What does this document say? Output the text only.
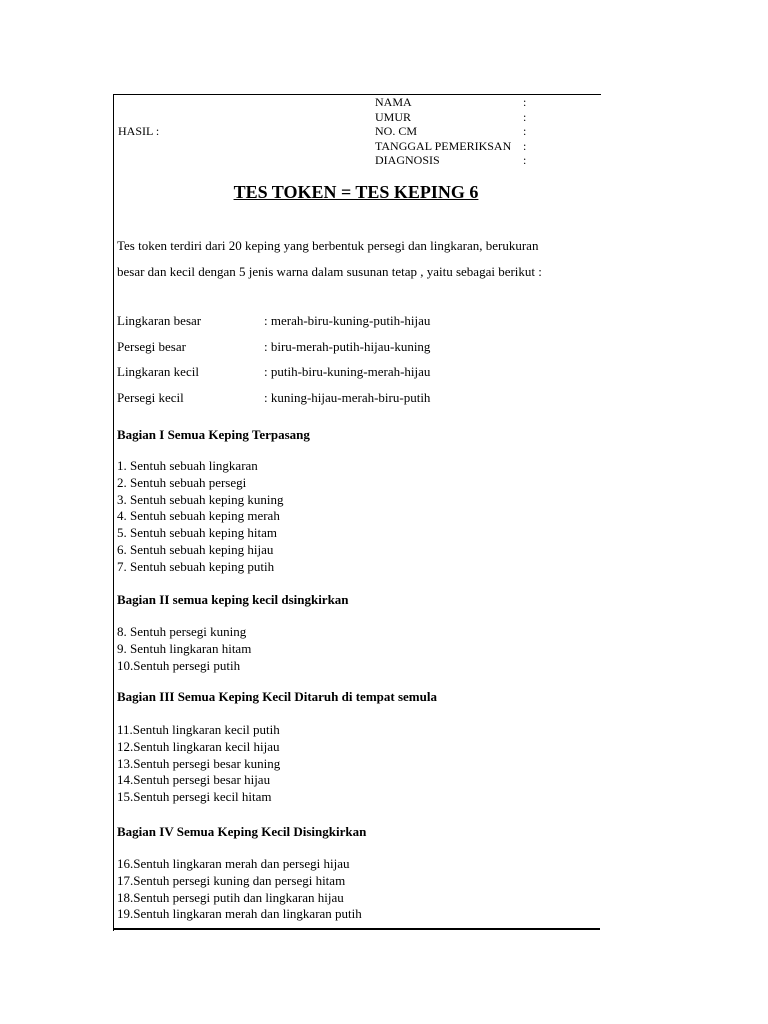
HASIL :
NAMA	:
UMUR	:
NO. CM	:
TANGGAL PEMERIKSAN :
DIAGNOSIS	:
TES TOKEN = TES KEPING 6

Tes token terdiri dari 20 keping yang berbentuk persegi dan lingkaran, berukuran

besar dan kecil dengan 5 jenis warna dalam susunan tetap , yaitu sebagai berikut :

Lingkaran besar	: merah-biru-kuning-putih-hijau
Persegi besar	: biru-merah-putih-hijau-kuning
Lingkaran kecil	: putih-biru-kuning-merah-hijau
Persegi kecil	: kuning-hijau-merah-biru-putih
Bagian I Semua Keping Terpasang
1. Sentuh sebuah lingkaran
2. Sentuh sebuah persegi
3. Sentuh sebuah keping kuning
4. Sentuh sebuah keping merah
5. Sentuh sebuah keping hitam
6. Sentuh sebuah keping hijau
7. Sentuh sebuah keping putih
Bagian II semua keping kecil dsingkirkan
8. Sentuh persegi kuning
9. Sentuh lingkaran hitam
10.Sentuh persegi putih
Bagian III Semua Keping Kecil Ditaruh di tempat semula
11.Sentuh lingkaran kecil putih
12.Sentuh lingkaran kecil hijau
13.Sentuh persegi besar kuning
14.Sentuh persegi besar hijau
15.Sentuh persegi kecil hitam
Bagian IV Semua Keping Kecil Disingkirkan
16.Sentuh lingkaran merah dan persegi hijau
17.Sentuh persegi kuning dan persegi hitam
18.Sentuh persegi putih dan lingkaran hijau
19.Sentuh lingkaran merah dan lingkaran putih
